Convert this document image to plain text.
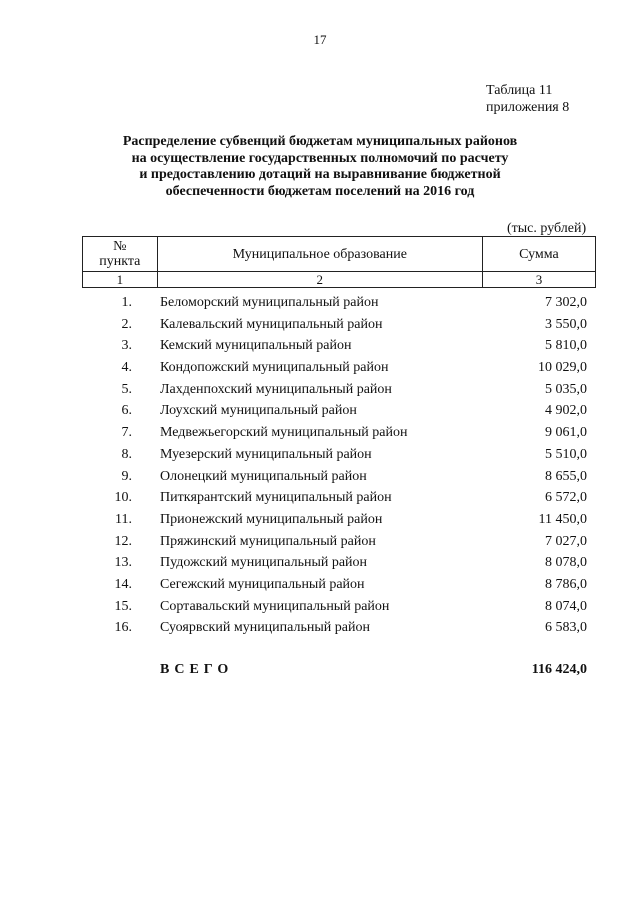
17
Таблица 11
приложения 8
Распределение субвенций бюджетам муниципальных районов
на осуществление государственных полномочий по расчету
и предоставлению дотаций на выравнивание бюджетной
обеспеченности бюджетам поселений на 2016 год
(тыс. рублей)
№ пункта	Муниципальное образование	Сумма
1	2	3
1. Беломорский муниципальный район	7 302,0
2. Калевальский муниципальный район	3 550,0
3. Кемский муниципальный район	5 810,0
4. Кондопожский муниципальный район	10 029,0
5. Лахденпохский муниципальный район	5 035,0
6. Лоухский муниципальный район	4 902,0
7. Медвежьегорский муниципальный район	9 061,0
8. Муезерский муниципальный район	5 510,0
9. Олонецкий муниципальный район	8 655,0
10. Питкярантский муниципальный район	6 572,0
11. Прионежский муниципальный район	11 450,0
12. Пряжинский муниципальный район	7 027,0
13. Пудожский муниципальный район	8 078,0
14. Сегежский муниципальный район	8 786,0
15. Сортавальский муниципальный район	8 074,0
16. Суоярвский муниципальный район	6 583,0
ВСЕГО	116 424,0
